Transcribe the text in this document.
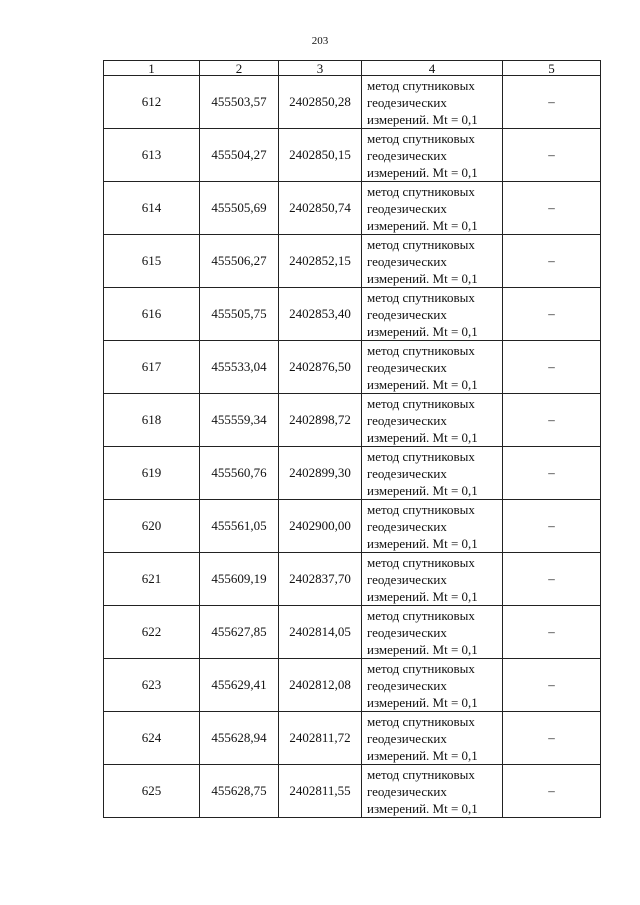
203
1	2	3	4	5
612	455503,57	2402850,28	метод спутниковых
геодезических
измерений. Mt = 0,1	–
613	455504,27	2402850,15	метод спутниковых
геодезических
измерений. Mt = 0,1	–
614	455505,69	2402850,74	метод спутниковых
геодезических
измерений. Mt = 0,1	–
615	455506,27	2402852,15	метод спутниковых
геодезических
измерений. Mt = 0,1	–
616	455505,75	2402853,40	метод спутниковых
геодезических
измерений. Mt = 0,1	–
617	455533,04	2402876,50	метод спутниковых
геодезических
измерений. Mt = 0,1	–
618	455559,34	2402898,72	метод спутниковых
геодезических
измерений. Mt = 0,1	–
619	455560,76	2402899,30	метод спутниковых
геодезических
измерений. Mt = 0,1	–
620	455561,05	2402900,00	метод спутниковых
геодезических
измерений. Mt = 0,1	–
621	455609,19	2402837,70	метод спутниковых
геодезических
измерений. Mt = 0,1	–
622	455627,85	2402814,05	метод спутниковых
геодезических
измерений. Mt = 0,1	–
623	455629,41	2402812,08	метод спутниковых
геодезических
измерений. Mt = 0,1	–
624	455628,94	2402811,72	метод спутниковых
геодезических
измерений. Mt = 0,1	–
625	455628,75	2402811,55	метод спутниковых
геодезических
измерений. Mt = 0,1	–
